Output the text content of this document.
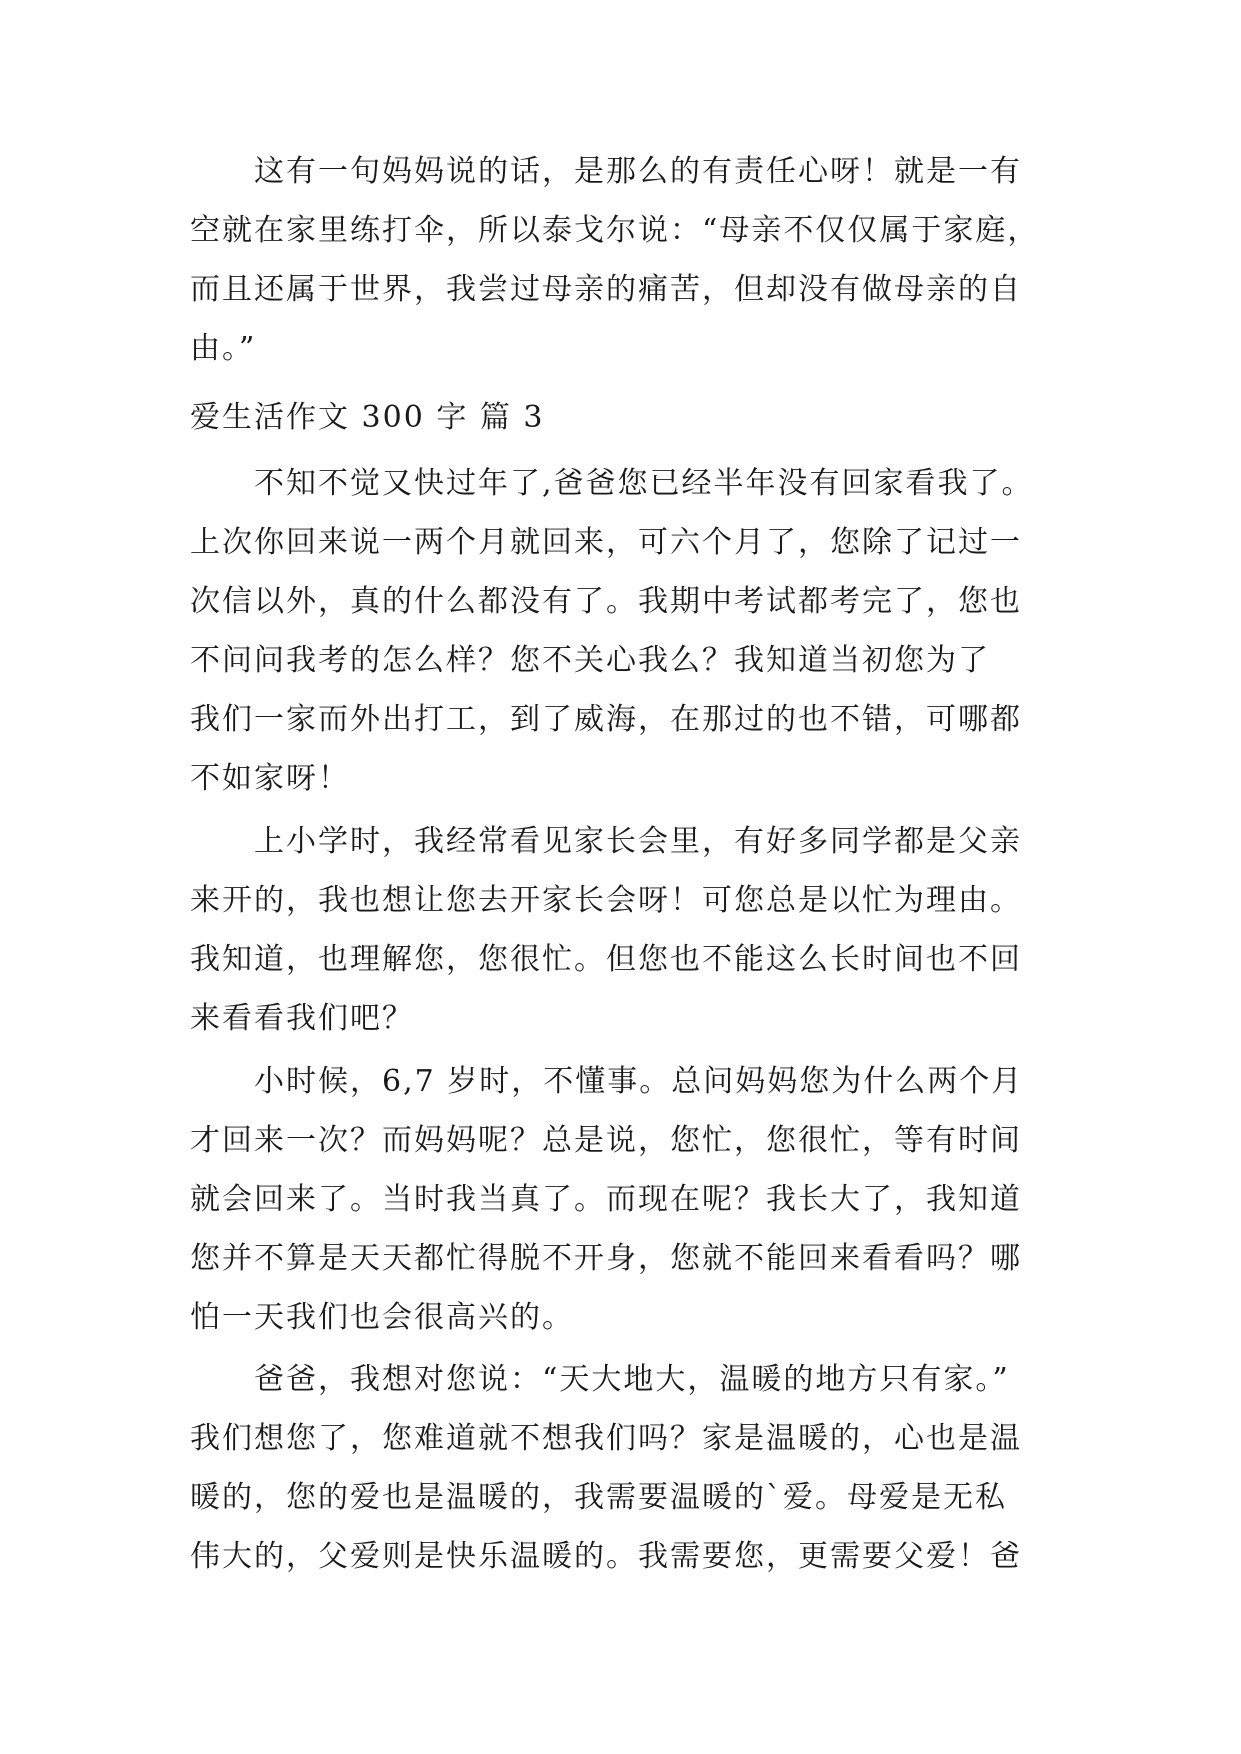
这有一句妈妈说的话，是那么的有责任心呀！就是一有
空就在家里练打伞，所以泰戈尔说：“母亲不仅仅属于家庭，
而且还属于世界，我尝过母亲的痛苦，但却没有做母亲的自
由。”
爱生活作文 300 字 篇 3
不知不觉又快过年了,爸爸您已经半年没有回家看我了。
上次你回来说一两个月就回来，可六个月了，您除了记过一
次信以外，真的什么都没有了。我期中考试都考完了，您也
不问问我考的怎么样？您不关心我么？我知道当初您为了
我们一家而外出打工，到了威海，在那过的也不错，可哪都
不如家呀！
上小学时，我经常看见家长会里，有好多同学都是父亲
来开的，我也想让您去开家长会呀！可您总是以忙为理由。
我知道，也理解您，您很忙。但您也不能这么长时间也不回
来看看我们吧？
小时候，6,7 岁时，不懂事。总问妈妈您为什么两个月
才回来一次？而妈妈呢？总是说，您忙，您很忙，等有时间
就会回来了。当时我当真了。而现在呢？我长大了，我知道
您并不算是天天都忙得脱不开身，您就不能回来看看吗？哪
怕一天我们也会很高兴的。
爸爸，我想对您说：“天大地大，温暖的地方只有家。”
我们想您了，您难道就不想我们吗？家是温暖的，心也是温
暖的，您的爱也是温暖的，我需要温暖的`爱。母爱是无私
伟大的，父爱则是快乐温暖的。我需要您，更需要父爱！爸
